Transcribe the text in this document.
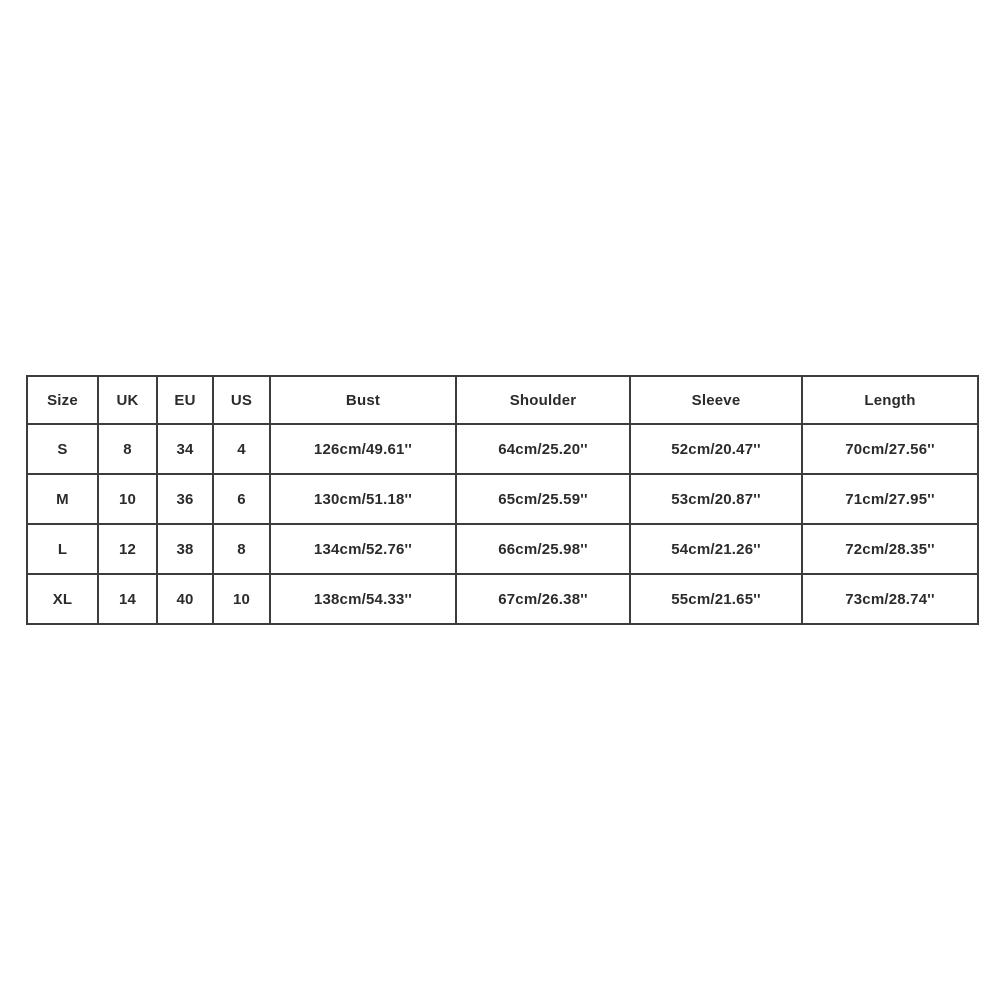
Size	UK	EU	US	Bust	Shoulder	Sleeve	Length
S	8	34	4	126cm/49.61''	64cm/25.20''	52cm/20.47''	70cm/27.56''
M	10	36	6	130cm/51.18''	65cm/25.59''	53cm/20.87''	71cm/27.95''
L	12	38	8	134cm/52.76''	66cm/25.98''	54cm/21.26''	72cm/28.35''
XL	14	40	10	138cm/54.33''	67cm/26.38''	55cm/21.65''	73cm/28.74''
